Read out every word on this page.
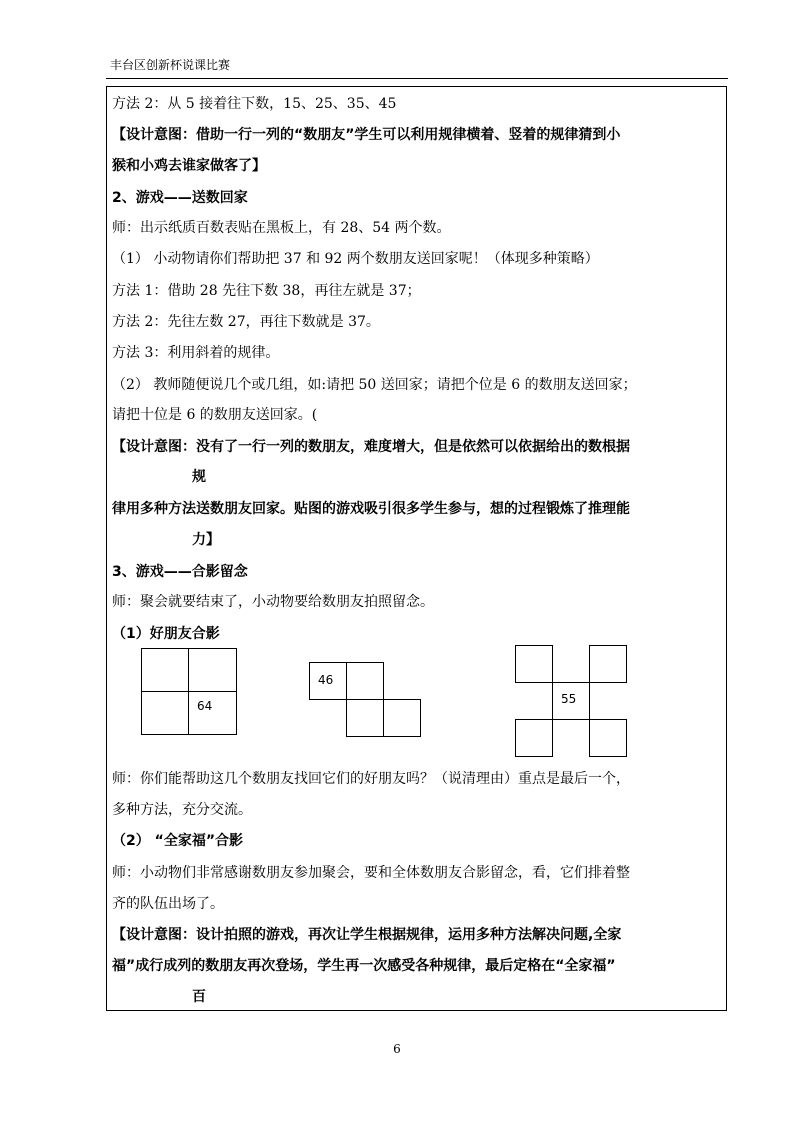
丰台区创新杯说课比赛
方法 2：从 5 接着往下数，15、25、35、45
【设计意图：借助一行一列的“数朋友”学生可以利用规律横着、竖着的规律猜到小
猴和小鸡去谁家做客了】
2、游戏——送数回家
师：出示纸质百数表贴在黑板上，有 28、54 两个数。
（1） 小动物请你们帮助把 37 和 92 两个数朋友送回家呢！（体现多种策略）
方法 1：借助 28 先往下数 38，再往左就是 37；
方法 2：先往左数 27，再往下数就是 37。
方法 3：利用斜着的规律。
（2） 教师随便说几个或几组，如:请把 50 送回家；请把个位是 6 的数朋友送回家；
请把十位是 6 的数朋友送回家。(
【设计意图：没有了一行一列的数朋友，难度增大，但是依然可以依据给出的数根据
规
律用多种方法送数朋友回家。贴图的游戏吸引很多学生参与，想的过程锻炼了推理能
力】
3、游戏——合影留念
师：聚会就要结束了，小动物要给数朋友拍照留念。
（1）好朋友合影
64
46
55
师：你们能帮助这几个数朋友找回它们的好朋友吗？（说清理由）重点是最后一个，
多种方法，充分交流。
（2） “全家福”合影
师：小动物们非常感谢数朋友参加聚会，要和全体数朋友合影留念，看，它们排着整
齐的队伍出场了。
【设计意图：设计拍照的游戏，再次让学生根据规律，运用多种方法解决问题,全家
福”成行成列的数朋友再次登场，学生再一次感受各种规律，最后定格在“全家福”
百
6
